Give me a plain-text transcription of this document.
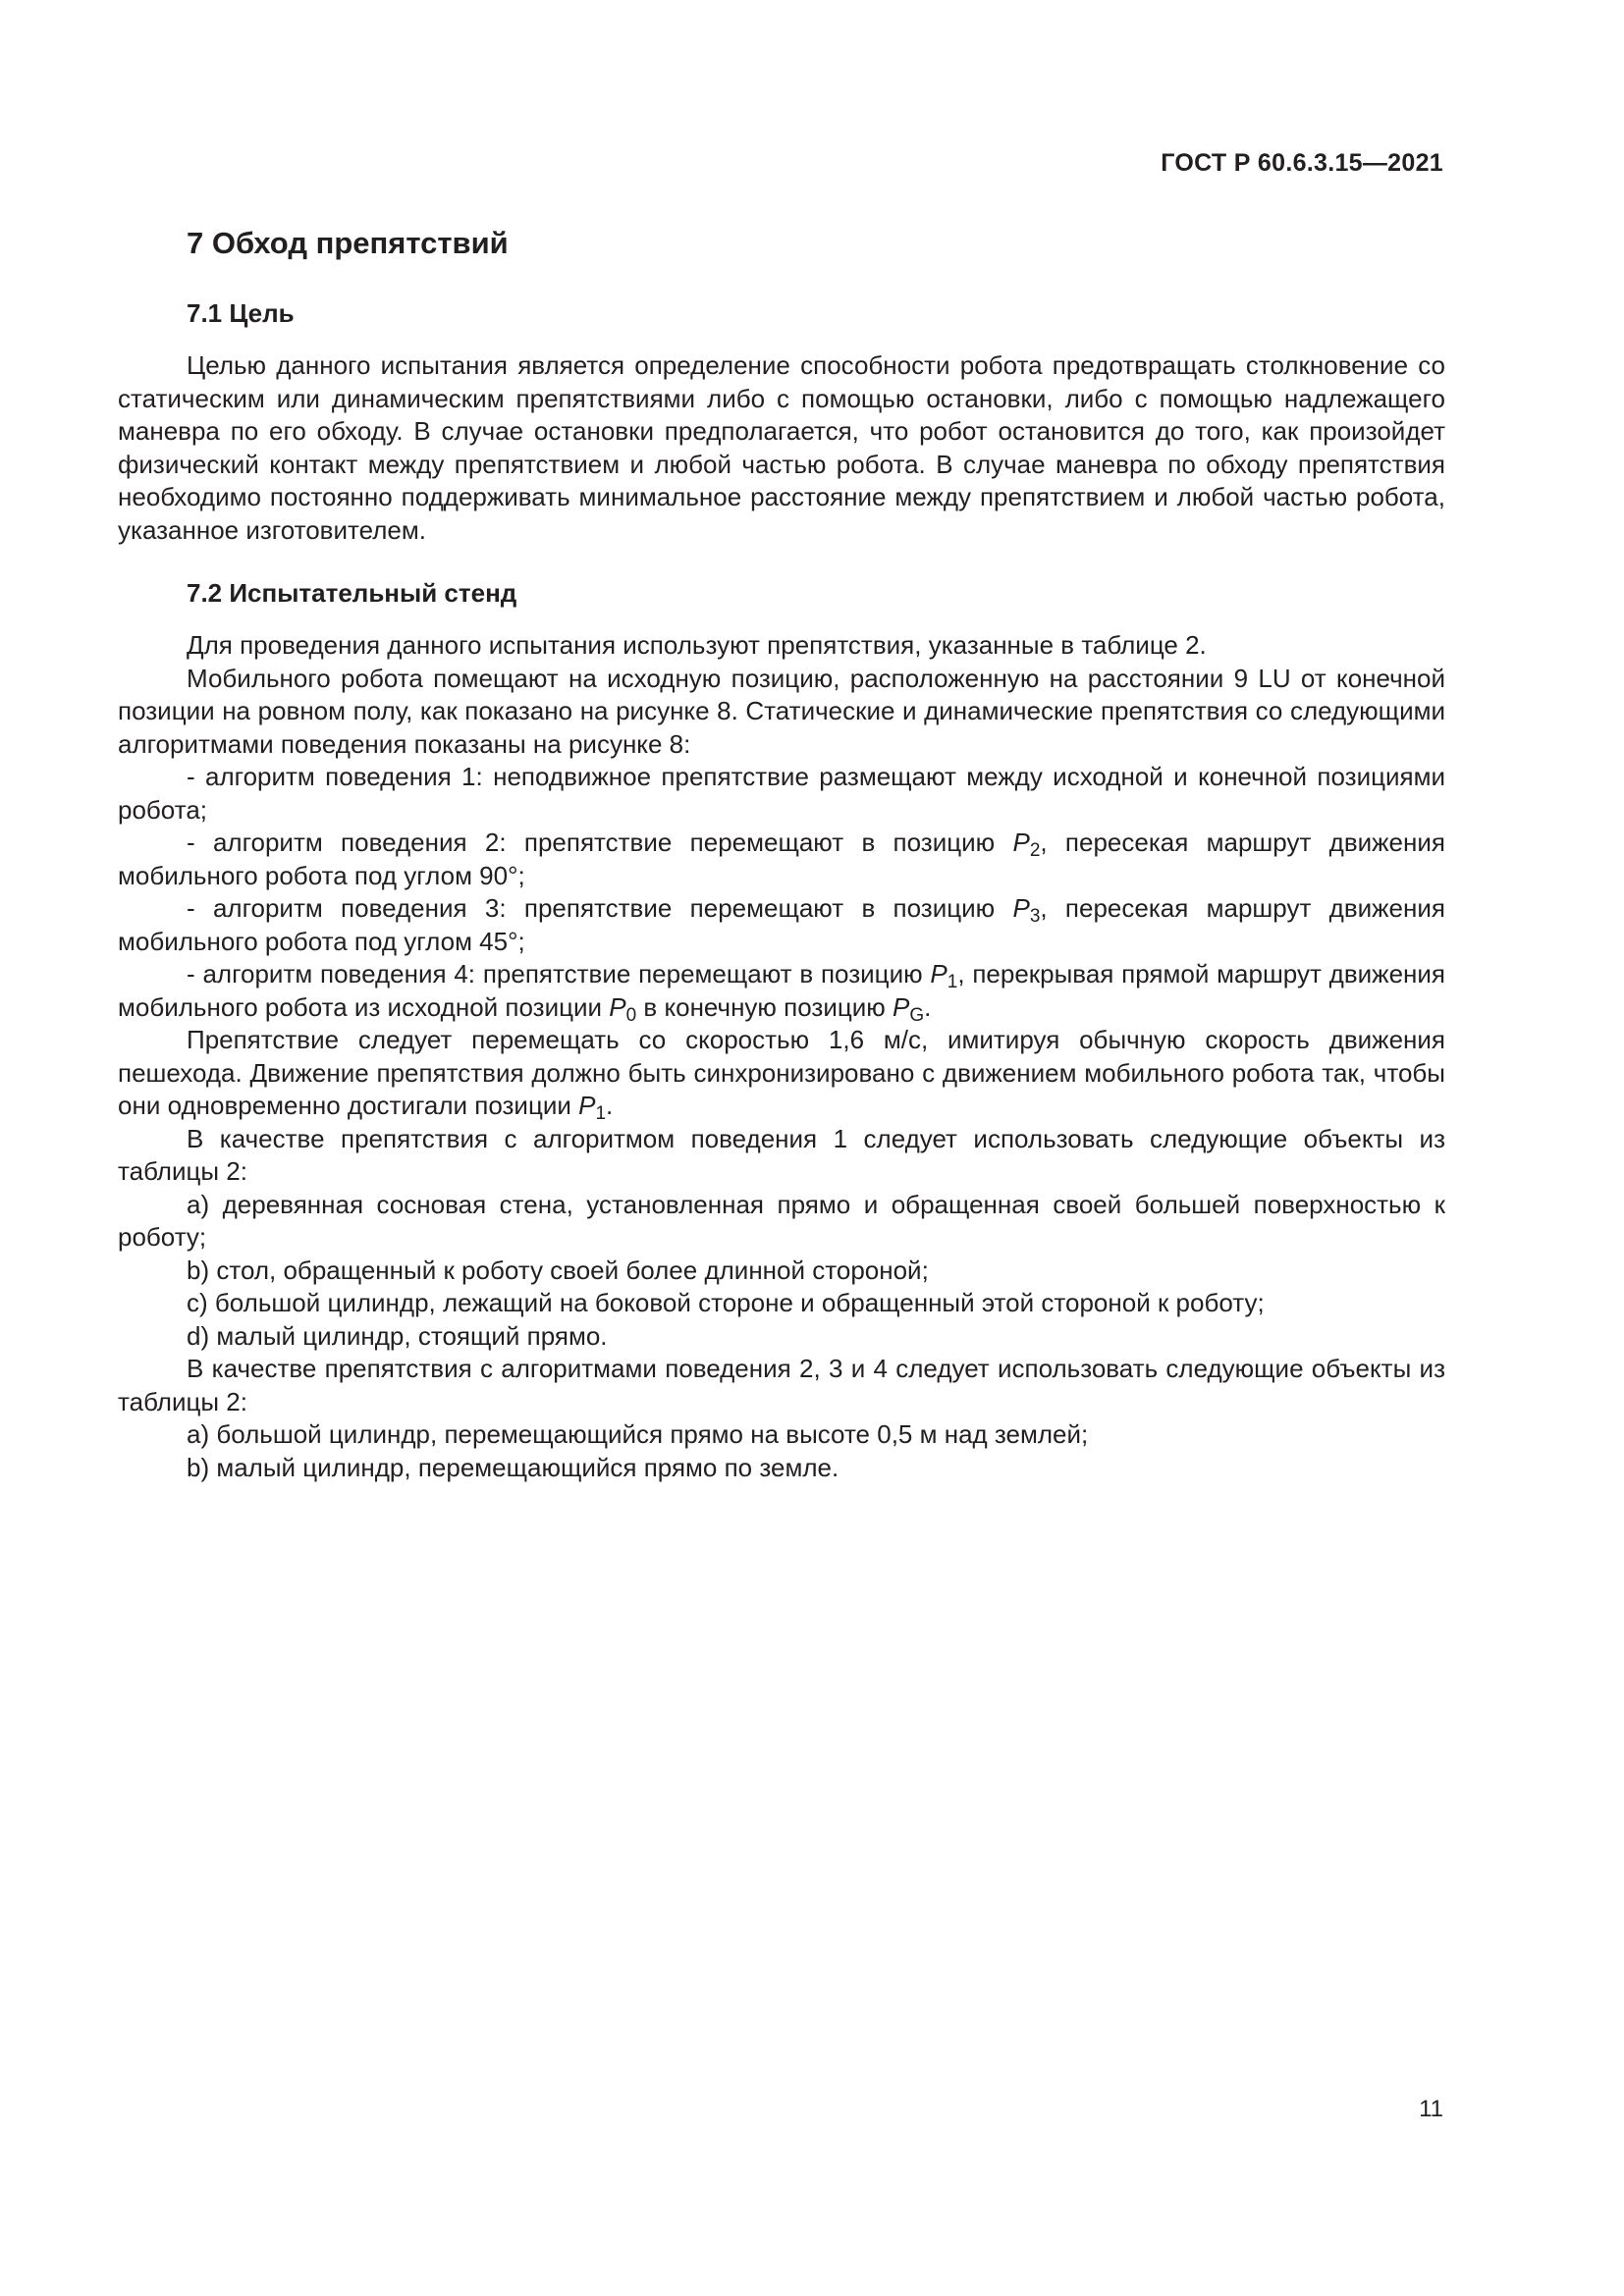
ГОСТ Р 60.6.3.15—2021
7 Обход препятствий
7.1 Цель

Целью данного испытания является определение способности робота предотвращать столкновение со статическим или динамическим препятствиями либо с помощью остановки, либо с помощью надлежащего маневра по его обходу. В случае остановки предполагается, что робот остановится до того, как произойдет физический контакт между препятствием и любой частью робота. В случае маневра по обходу препятствия необходимо постоянно поддерживать минимальное расстояние между препятствием и любой частью робота, указанное изготовителем.

7.2 Испытательный стенд

Для проведения данного испытания используют препятствия, указанные в таблице 2.

Мобильного робота помещают на исходную позицию, расположенную на расстоянии 9 LU от конечной позиции на ровном полу, как показано на рисунке 8. Статические и динамические препятствия со следующими алгоритмами поведения показаны на рисунке 8:

- алгоритм поведения 1: неподвижное препятствие размещают между исходной и конечной позициями робота;

- алгоритм поведения 2: препятствие перемещают в позицию $P_2$, пересекая маршрут движения мобильного робота под углом 90°;

- алгоритм поведения 3: препятствие перемещают в позицию $P_3$, пересекая маршрут движения мобильного робота под углом 45°;

- алгоритм поведения 4: препятствие перемещают в позицию $P_1$, перекрывая прямой маршрут движения мобильного робота из исходной позиции $P_0$ в конечную позицию $P_G$.

Препятствие следует перемещать со скоростью 1,6 м/с, имитируя обычную скорость движения пешехода. Движение препятствия должно быть синхронизировано с движением мобильного робота так, чтобы они одновременно достигали позиции $P_1$.

В качестве препятствия с алгоритмом поведения 1 следует использовать следующие объекты из таблицы 2:

a) деревянная сосновая стена, установленная прямо и обращенная своей большей поверхностью к роботу;

b) стол, обращенный к роботу своей более длинной стороной;

c) большой цилиндр, лежащий на боковой стороне и обращенный этой стороной к роботу;

d) малый цилиндр, стоящий прямо.

В качестве препятствия с алгоритмами поведения 2, 3 и 4 следует использовать следующие объекты из таблицы 2:

a) большой цилиндр, перемещающийся прямо на высоте 0,5 м над землей;

b) малый цилиндр, перемещающийся прямо по земле.

11
